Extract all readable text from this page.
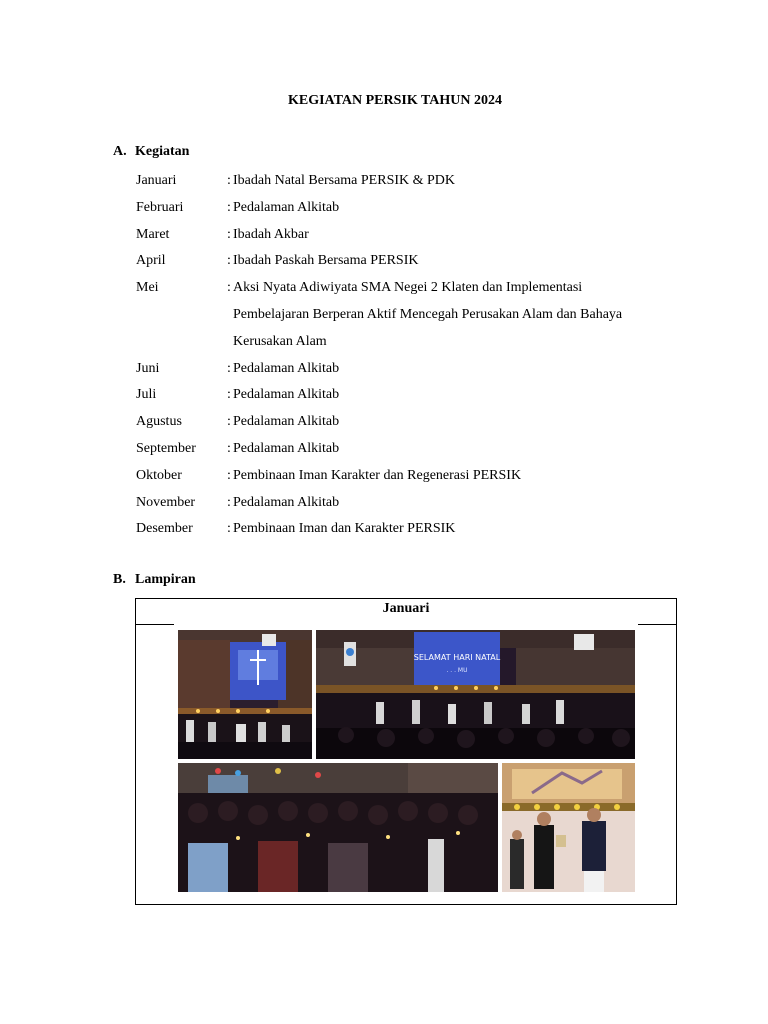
KEGIATAN PERSIK TAHUN 2024
A. Kegiatan
Januari	: Ibadah Natal Bersama PERSIK & PDK
Februari	: Pedalaman Alkitab
Maret	: Ibadah Akbar
April	: Ibadah Paskah Bersama PERSIK
Mei	: Aksi Nyata Adiwiyata SMA Negei 2 Klaten dan Implementasi
Pembelajaran Berperan Aktif Mencegah Perusakan Alam dan Bahaya
Kerusakan Alam
Juni	: Pedalaman Alkitab
Juli	: Pedalaman Alkitab
Agustus	: Pedalaman Alkitab
September	: Pedalaman Alkitab
Oktober	: Pembinaan Iman Karakter dan Regenerasi PERSIK
November	: Pedalaman Alkitab
Desember	: Pembinaan Iman dan Karakter PERSIK
B. Lampiran
Januari
SELAMAT HARI NATAL
. . . MU
